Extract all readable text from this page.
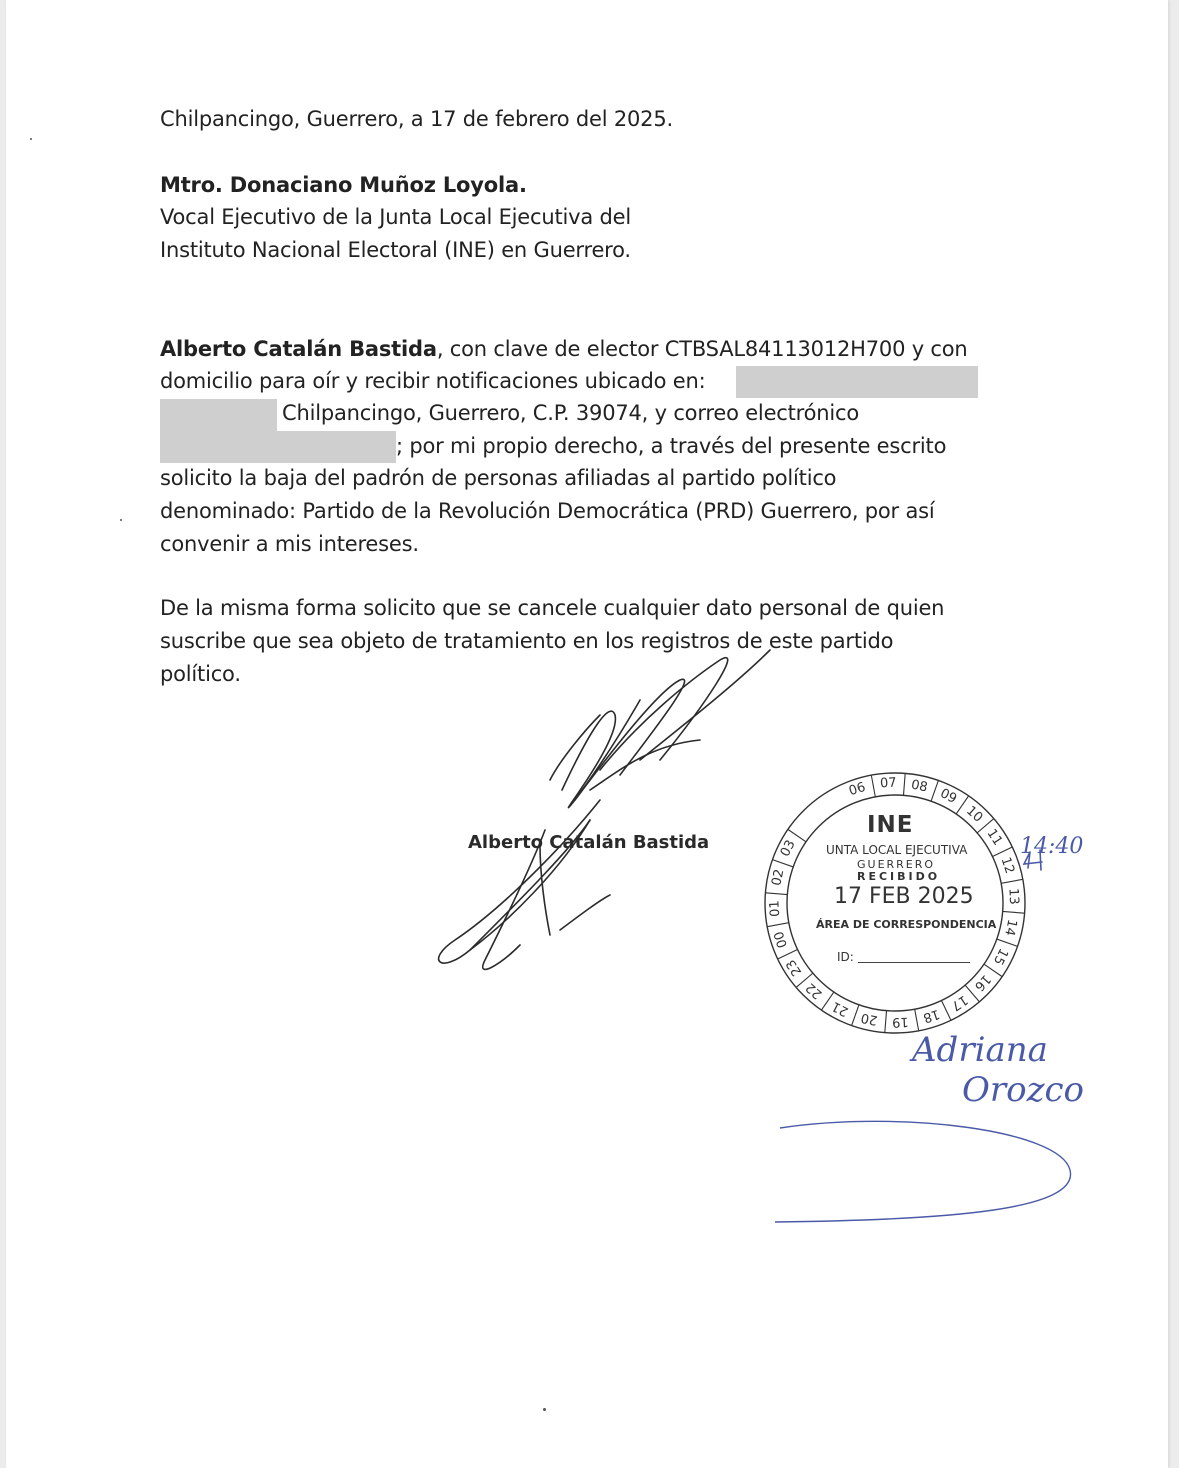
Chilpancingo, Guerrero, a 17 de febrero del 2025.
Mtro. Donaciano Muñoz Loyola.
Vocal Ejecutivo de la Junta Local Ejecutiva del
Instituto Nacional Electoral (INE) en Guerrero.
Alberto Catalán Bastida, con clave de elector CTBSAL84113012H700 y con
domicilio para oír y recibir notificaciones ubicado en:
Chilpancingo, Guerrero, C.P. 39074, y correo electrónico
; por mi propio derecho, a través del presente escrito
solicito la baja del padrón de personas afiliadas al partido político
denominado: Partido de la Revolución Democrática (PRD) Guerrero, por así
convenir a mis intereses.
De la misma forma solicito que se cancele cualquier dato personal de quien
suscribe que sea objeto de tratamiento en los registros de este partido
político.
Alberto Catalán Bastida
INE
UNTA LOCAL EJECUTIVA
GUERRERO
RECIBIDO
17 FEB 2025
ÁREA DE CORRESPONDENCIA
ID:
06 07 08 09
10
11
12
13
14
15
16
17
18
19
20
21
22
23
00
01
02
03	14:40
Adriana
Orozco
